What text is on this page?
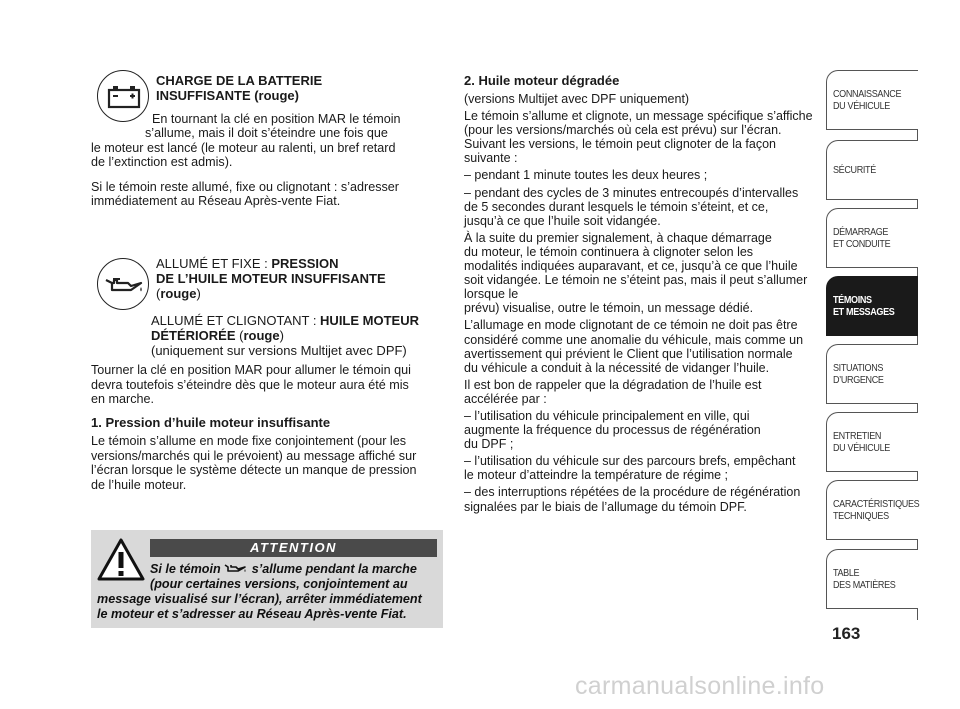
CHARGE DE LA BATTERIE

INSUFFISANTE (rouge)

En tournant la clé en position MAR le témoin

s’allume, mais il doit s’éteindre une fois que

le moteur est lancé (le moteur au ralenti, un bref retard

de l’extinction est admis).

Si le témoin reste allumé, fixe ou clignotant : s’adresser

immédiatement au Réseau Après-vente Fiat.

ALLUMÉ ET FIXE : PRESSION

DE L’HUILE MOTEUR INSUFFISANTE

(rouge)

ALLUMÉ ET CLIGNOTANT : HUILE MOTEUR

DÉTÉRIORÉE (rouge)

(uniquement sur versions Multijet avec DPF)

Tourner la clé en position MAR pour allumer le témoin qui

devra toutefois s’éteindre dès que le moteur aura été mis

en marche.

1. Pression d’huile moteur insuffisante

Le témoin s’allume en mode fixe conjointement (pour les

versions/marchés qui le prévoient) au message affiché sur

l’écran lorsque le système détecte un manque de pression

de l’huile moteur.

ATTENTION
Si le témoin s’allume pendant la marche

(pour certaines versions, conjointement au

message visualisé sur l’écran), arrêter immédiatement

le moteur et s’adresser au Réseau Après-vente Fiat.

2. Huile moteur dégradée

(versions Multijet avec DPF uniquement)

Le témoin s’allume et clignote, un message spécifique s’affiche

(pour les versions/marchés où cela est prévu) sur l’écran.

Suivant les versions, le témoin peut clignoter de la façon

suivante :

– pendant 1 minute toutes les deux heures ;

– pendant des cycles de 3 minutes entrecoupés d’intervalles

de 5 secondes durant lesquels le témoin s’éteint, et ce,

jusqu’à ce que l’huile soit vidangée.

À la suite du premier signalement, à chaque démarrage

du moteur, le témoin continuera à clignoter selon les

modalités indiquées auparavant, et ce, jusqu’à ce que l’huile

soit vidangée. Le témoin ne s’éteint pas, mais il peut s’allumer lorsque le

prévu) visualise, outre le témoin, un message dédié.

L’allumage en mode clignotant de ce témoin ne doit pas être

considéré comme une anomalie du véhicule, mais comme un

avertissement qui prévient le Client que l’utilisation normale

du véhicule a conduit à la nécessité de vidanger l’huile.

Il est bon de rappeler que la dégradation de l’huile est

accélérée par :

– l’utilisation du véhicule principalement en ville, qui

augmente la fréquence du processus de régénération

du DPF ;

– l’utilisation du véhicule sur des parcours brefs, empêchant

le moteur d’atteindre la température de régime ;

– des interruptions répétées de la procédure de régénération

signalées par le biais de l’allumage du témoin DPF.

CONNAISSANCE
DU VÉHICULE
SÉCURITÉ
DÉMARRAGE
ET CONDUITE
TÉMOINS
ET MESSAGES
SITUATIONS
D’URGENCE
ENTRETIEN
DU VÉHICULE
CARACTÉRISTIQUES
TECHNIQUES
TABLE
DES MATIÈRES

163

carmanualsonline.info
